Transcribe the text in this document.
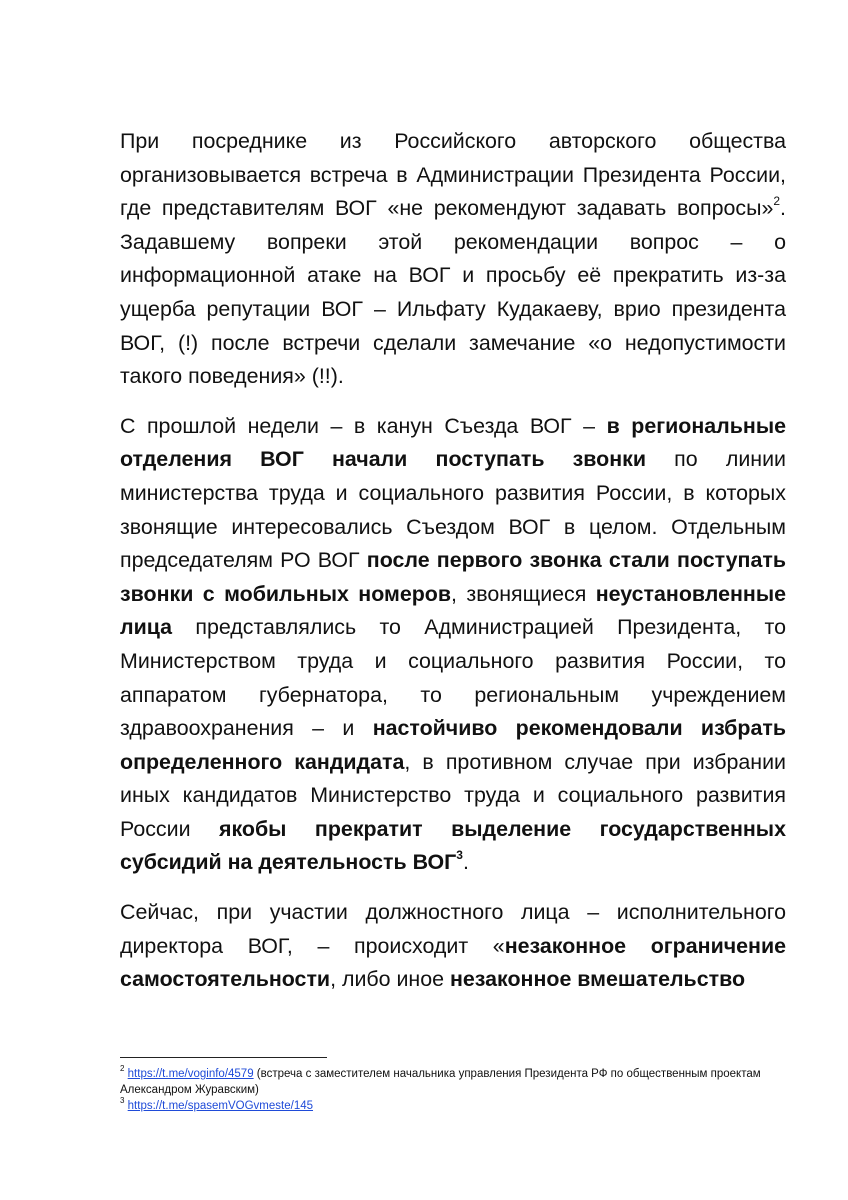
При посреднике из Российского авторского общества организовывается встреча в Администрации Президента России, где представителям ВОГ «не рекомендуют задавать вопросы»$^2$. Задавшему вопреки этой рекомендации вопрос – о информационной атаке на ВОГ и просьбу её прекратить из-за ущерба репутации ВОГ – Ильфату Кудакаеву, врио президента ВОГ, (!) после встречи сделали замечание «о недопустимости такого поведения» (!!).

С прошлой недели – в канун Съезда ВОГ – в региональные отделения ВОГ начали поступать звонки по линии министерства труда и социального развития России, в которых звонящие интересовались Съездом ВОГ в целом. Отдельным председателям РО ВОГ после первого звонка стали поступать звонки с мобильных номеров, звонящиеся неустановленные лица представлялись то Администрацией Президента, то Министерством труда и социального развития России, то аппаратом губернатора, то региональным учреждением здравоохранения – и настойчиво рекомендовали избрать определенного кандидата, в противном случае при избрании иных кандидатов Министерство труда и социального развития России якобы прекратит выделение государственных субсидий на деятельность ВОГ$^3$.

Сейчас, при участии должностного лица – исполнительного директора ВОГ, – происходит «незаконное ограничение самостоятельности, либо иное незаконное вмешательство

$^2$ https://t.me/voginfo/4579 (встреча с заместителем начальника управления Президента РФ по общественным проектам Александром Журавским)

$^3$ https://t.me/spasemVOGvmeste/145
